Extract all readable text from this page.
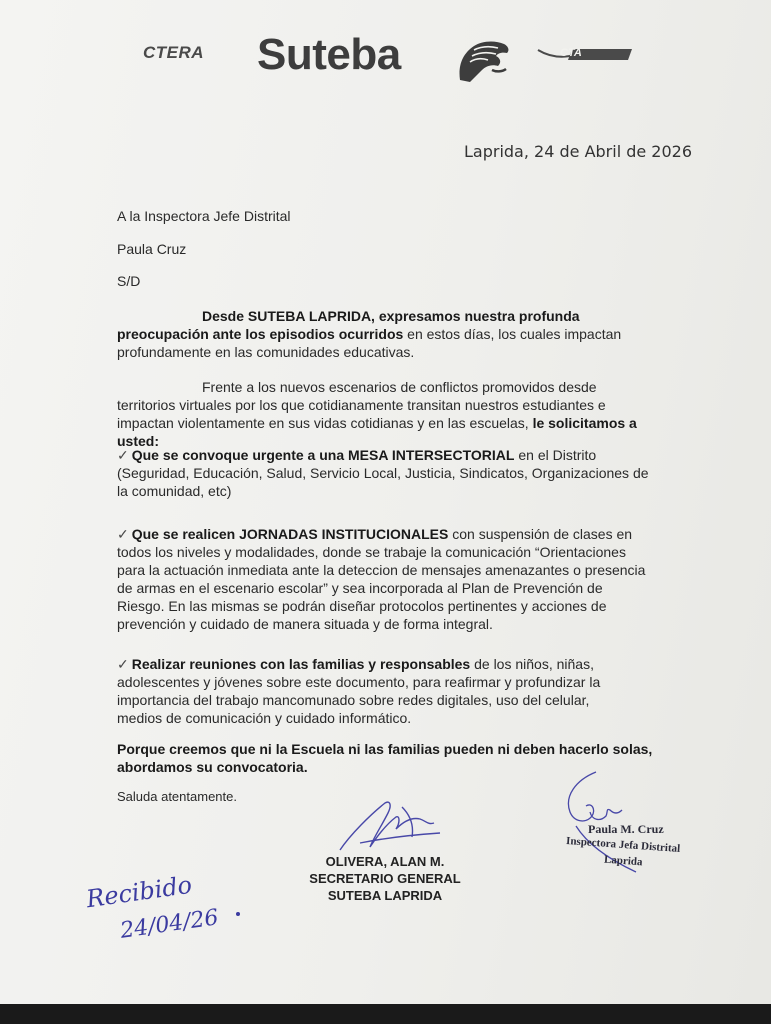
CTERA Suteba	CTA
Laprida, 24 de Abril de 2026
A la Inspectora Jefe Distrital
Paula Cruz
S/D
Desde SUTEBA LAPRIDA, expresamos nuestra profunda preocupación ante los episodios ocurridos en estos días, los cuales impactan profundamente en las comunidades educativas.
Frente a los nuevos escenarios de conflictos promovidos desde territorios virtuales por los que cotidianamente transitan nuestros estudiantes e impactan violentamente en sus vidas cotidianas y en las escuelas, le solicitamos a usted:
✓ Que se convoque urgente a una MESA INTERSECTORIAL en el Distrito (Seguridad, Educación, Salud, Servicio Local, Justicia, Sindicatos, Organizaciones de la comunidad, etc)
✓ Que se realicen JORNADAS INSTITUCIONALES con suspensión de clases en todos los niveles y modalidades, donde se trabaje la comunicación “Orientaciones para la actuación inmediata ante la deteccion de mensajes amenazantes o presencia de armas en el escenario escolar” y sea incorporada al Plan de Prevención de Riesgo. En las mismas se podrán diseñar protocolos pertinentes y acciones de prevención y cuidado de manera situada y de forma integral.
✓ Realizar reuniones con las familias y responsables de los niños, niñas, adolescentes y jóvenes sobre este documento, para reafirmar y profundizar la importancia del trabajo mancomunado sobre redes digitales, uso del celular, medios de comunicación y cuidado informático.
Porque creemos que ni la Escuela ni las familias pueden ni deben hacerlo solas, abordamos su convocatoria.
Saluda atentamente.
OLIVERA, ALAN M.
SECRETARIO GENERAL
SUTEBA LAPRIDA
Paula M. Cruz
Inspectora Jefa Distrital
Laprida
Recibido
24/04/26
